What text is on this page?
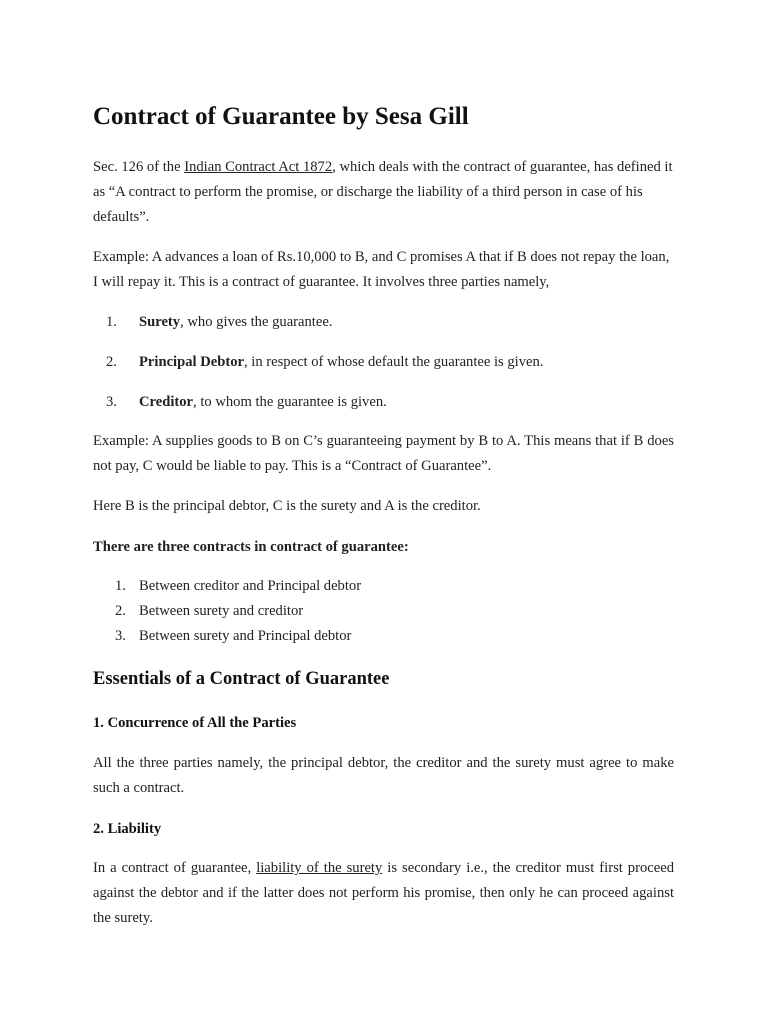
Contract of Guarantee by Sesa Gill

Sec. 126 of the Indian Contract Act 1872, which deals with the contract of guarantee, has defined it as “A contract to perform the promise, or discharge the liability of a third person in case of his defaults”.

Example: A advances a loan of Rs.10,000 to B, and C promises A that if B does not repay the loan, I will repay it. This is a contract of guarantee. It involves three parties namely,

1. Surety, who gives the guarantee.
2. Principal Debtor, in respect of whose default the guarantee is given.
3. Creditor, to whom the guarantee is given.

Example: A supplies goods to B on C’s guaranteeing payment by B to A. This means that if B does not pay, C would be liable to pay. This is a “Contract of Guarantee”.

Here B is the principal debtor, C is the surety and A is the creditor.

There are three contracts in contract of guarantee:

1. Between creditor and Principal debtor
2. Between surety and creditor
3. Between surety and Principal debtor
Essentials of a Contract of Guarantee
1. Concurrence of All the Parties

All the three parties namely, the principal debtor, the creditor and the surety must agree to make such a contract.

2. Liability

In a contract of guarantee, liability of the surety is secondary i.e., the creditor must first proceed against the debtor and if the latter does not perform his promise, then only he can proceed against the surety.
